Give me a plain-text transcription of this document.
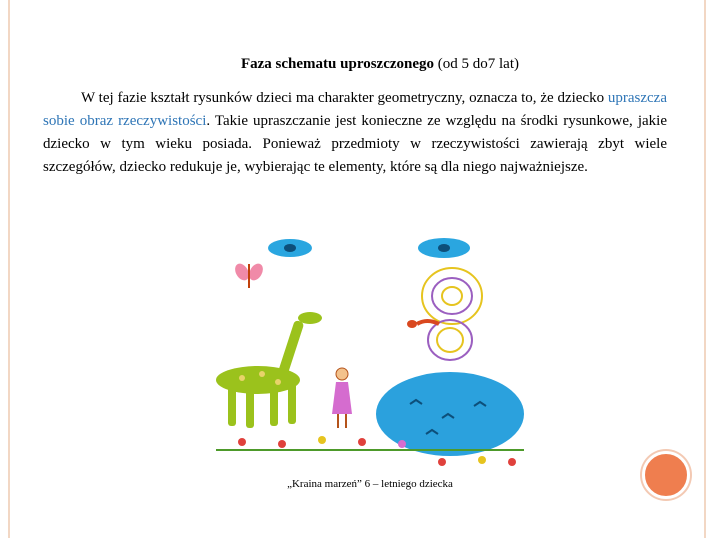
Faza schematu uproszczonego (od 5 do7 lat)

W tej fazie kształt rysunków dzieci ma charakter geometryczny, oznacza to, że dziecko upraszcza sobie obraz rzeczywistości. Takie upraszczanie jest konieczne ze względu na środki rysunkowe, jakie dziecko w tym wieku posiada. Ponieważ przedmioty w rzeczywistości zawierają zbyt wiele szczegółów, dziecko redukuje je, wybierając te elementy, które są dla niego najważniejsze.

„Kraina marzeń” 6 – letniego dziecka
